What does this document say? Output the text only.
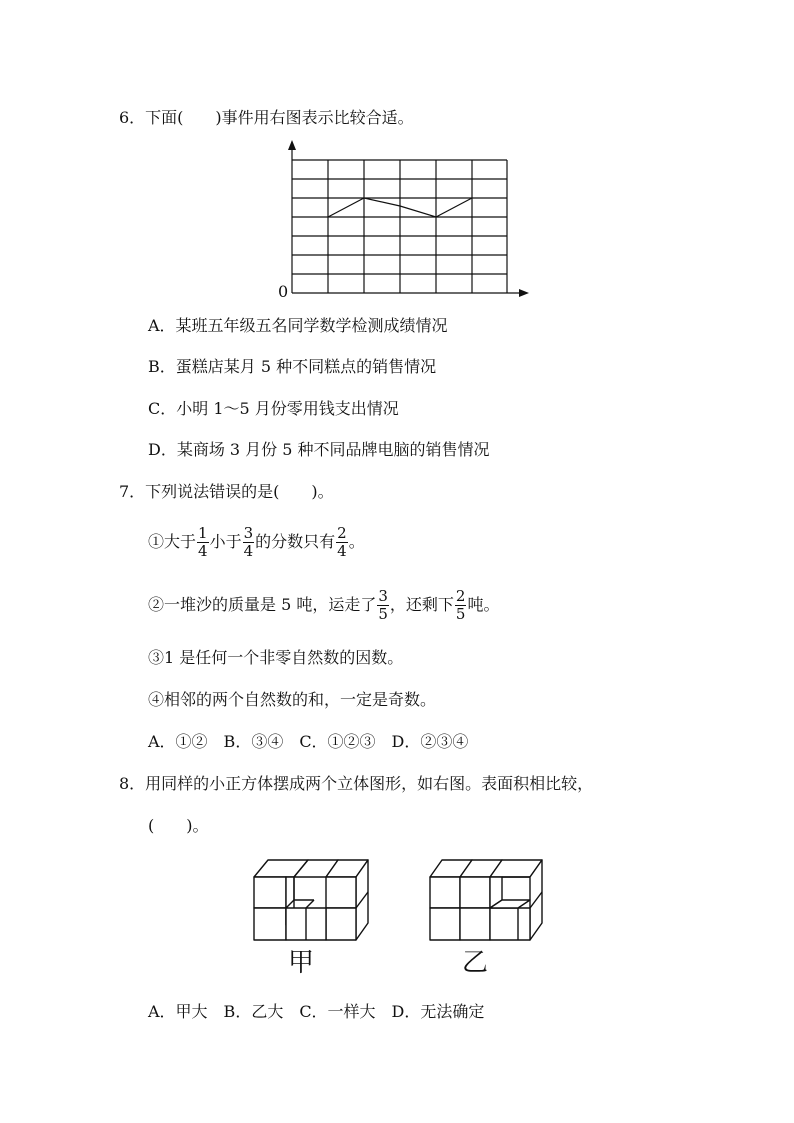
6．下面(　　)事件用右图表示比较合适。
0
A．某班五年级五名同学数学检测成绩情况
B．蛋糕店某月 5 种不同糕点的销售情况
C．小明 1～5 月份零用钱支出情况
D．某商场 3 月份 5 种不同品牌电脑的销售情况
7．下列说法错误的是(　　)。
①大于 $\frac{1}{4}$ 小于 $\frac{3}{4}$ 的分数只有 $\frac{2}{4}$ 。
②一堆沙的质量是 5 吨，运走了 $\frac{3}{5}$ ，还剩下 $\frac{2}{5}$ 吨。
③1 是任何一个非零自然数的因数。
④相邻的两个自然数的和，一定是奇数。
A．①②　B．③④　C．①②③　D．②③④
8．用同样的小正方体摆成两个立体图形，如右图。表面积相比较，
(　　)。
甲	乙
A．甲大　B．乙大　C．一样大　D．无法确定
